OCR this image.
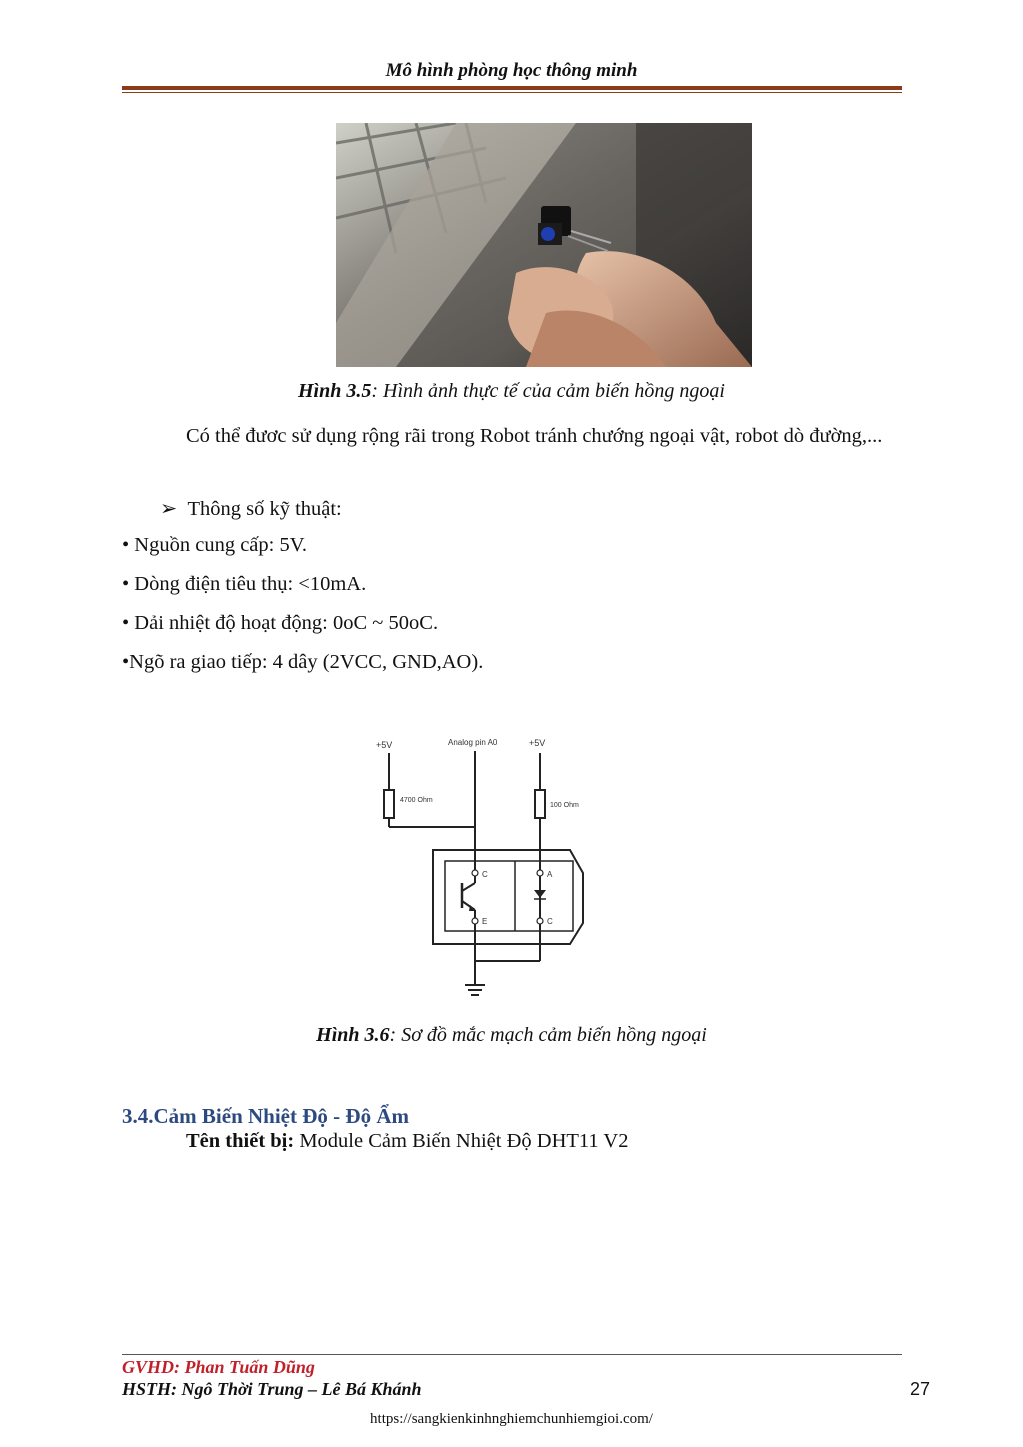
Mô hình phòng học thông minh
Hình 3.5: Hình ảnh thực tế của cảm biến hồng ngoại
Có thể đươc sử dụng rộng rãi trong Robot tránh chướng ngoại vật, robot dò đường,...
➢ Thông số kỹ thuật:
• Nguồn cung cấp: 5V.
• Dòng điện tiêu thụ: <10mA.
• Dải nhiệt độ hoạt động: 0oC ~ 50oC.
•Ngõ ra giao tiếp: 4 dây (2VCC, GND,AO).
+5V	Analog pin A0	+5V
4700 Ohm
100 Ohm
C
E
A
C
Hình 3.6: Sơ đồ mắc mạch cảm biến hồng ngoại
3.4.Cảm Biến Nhiệt Độ - Độ Ẩm
Tên thiết bị: Module Cảm Biến Nhiệt Độ DHT11 V2
GVHD: Phan Tuấn Dũng
HSTH: Ngô Thời Trung – Lê Bá Khánh	27
https://sangkienkinhnghiemchunhiemgioi.com/
